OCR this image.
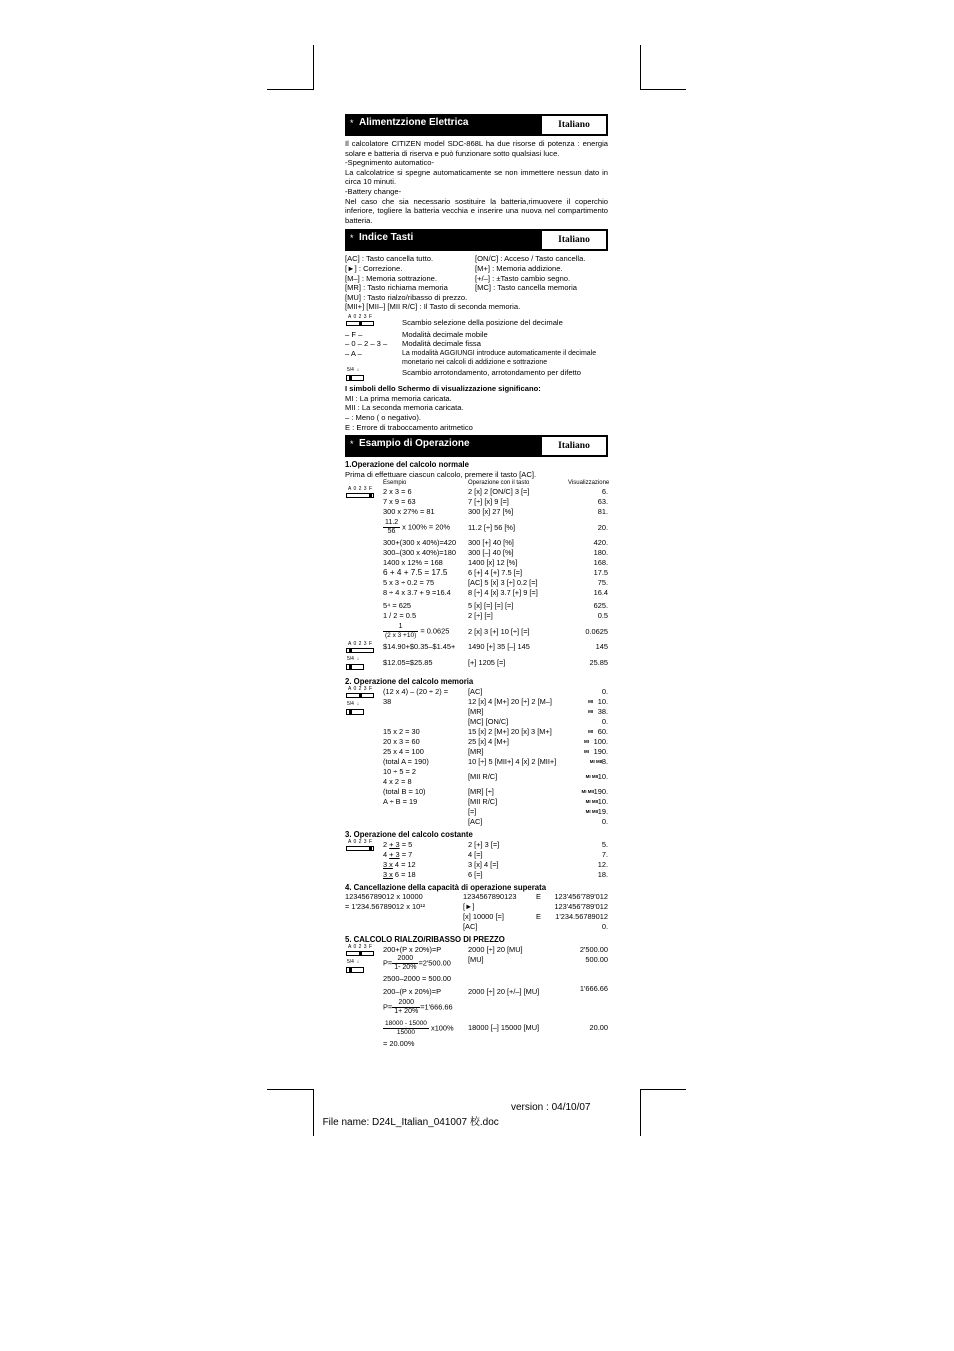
* Alimentzzione Elettrica	Italiano

Il calcolatore CITIZEN model SDC-868L ha due risorse di potenza : energia solare e batteria di riserva e può funzionare sotto qualsiasi luce.

-Spegnimento automatico-

La calcolatrice si spegne automaticamente se non immettere nessun dato in circa 10 minuti.

-Battery change-

Nel caso che sia necessario sostituire la batteria,rimuovere il coperchio inferiore, togliere la batteria vecchia e inserire una nuova nel compartimento batteria.

* Indice Tasti	Italiano
[AC] : Tasto cancella tutto.	[ON/C] : Acceso / Tasto cancella.
[►] : Correzione.	[M+] : Memoria addizione.
[M–] : Memoria sottrazione.	[+/–] : ±Tasto cambio segno.
[MR] : Tasto richiama memoria	[MC] : Tasto cancella memoria
[MU] : Tasto rialzo/ribasso di prezzo.
[MII+] [MII–] [MII R/C] : Il Tasto di seconda memoria.
A 0 2 3 F
Scambio selezione della posizione del decimale
– F –	Modalità decimale mobile
– 0 – 2 – 3 –	Modalità decimale fissa
– A –	La modalità AGGIUNGI introduce automaticamente il decimale monetario nei calcoli di addizione e sottrazione
5/4  ↓	Scambio arrotondamento, arrotondamento per difetto
I simboli dello Schermo di visualizzazione significano:
MI : La prima memoria caricata.
MII : La seconda memoria caricata.
– : Meno ( o negativo).
E : Errore di traboccamento aritmetico
* Esampio di Operazione	Italiano
1.Operazione del calcolo normale
Prima di effettuare ciascun calcolo, premere il tasto [AC].
	Esempio	Operazione con il tasto	Visualizzazione

A 0 2 3 F	2 x 3 = 6	2 [x] 2 [ON/C] 3 [=]	6.
	7 x 9 = 63	7 [÷] [x] 9 [=]	63.
	300 x 27% = 81	300 [x] 27 [%]	81.

	$\frac{11.2}{56}$ x 100% = 20%	11.2 [÷] 56 [%]	20.
	300+(300 x 40%)=420	300 [+] 40 [%]	420.
	300–(300 x 40%)=180	300 [–] 40 [%]	180.
	1400 x 12% = 168	1400 [x] 12 [%]	168.
	6 + 4 + 7.5 = 17.5	6 [+] 4 [+] 7.5 [=]	17.5
	5 x 3 ÷ 0.2 = 75	[AC] 5 [x] 3 [÷] 0.2 [=]	75.
	8 ÷ 4 x 3.7 + 9 =16.4	8 [÷] 4 [x] 3.7 [+] 9 [=]	16.4
	5⁴ = 625	5 [x] [=] [=] [=]	625.
	1 / 2 = 0.5	2 [÷] [=]	0.5

	$\frac{1}{(2 x 3 +10)} = 0.0625$	2 [x] 3 [+] 10 [÷] [=]	0.0625

A 0 2 3 F

5/4  ↓	$14.90+$0.35–$1.45+	1490 [+] 35 [–] 145	145
	$12.05=$25.85	[+] 1205 [=]	25.85
2. Operazione del calcolo memoria
A 0 2 3 F

5/4  ↓	(12 x 4) – (20 ÷ 2) =	[AC]	0.
	38	12 [x] 4 [M+] 20 [÷] 2 [M–]	MI 10.
		[MR]	MI 38.
		[MC] [ON/C]	0.
	15 x 2 = 30	15 [x] 2 [M+] 20 [x] 3 [M+]	MI 60.
	20 x 3 = 60	25 [x] 4 [M+]	MI 100.
	25 x 4 = 100	[MR]	MI 190.
	(total A = 190)	10 [÷] 5 [MII+] 4 [x] 2 [MII+]	MI MII 8.
	10 ÷ 5 = 2	[MII R/C]	MI MII 10.
	4 x 2 = 8		
	(total B = 10)	[MR] [÷]	MI MII 190.
	A ÷ B = 19	[MII R/C]	MI MII 10.
		[=]	MI MII 19.
		[AC]	0.
3. Operazione del calcolo costante
A 0 2 3 F	2 + 3 = 5	2 [+] 3 [=]	5.
	4 + 3 = 7	4 [=]	7.
	3 x 4 = 12	3 [x] 4 [=]	12.
	3 x 6 = 18	6 [=]	18.
4. Cancellazione della capacità di operazione superata
123456789012 x 10000	1234567890123	E	123'456'789'012
= 1'234.56789012 x 10¹²	[►]		123'456'789'012
	[x] 10000 [=]	E	1'234.56789012
	[AC]		0.
5. CALCOLO RIALZO/RIBASSO DI PREZZO
A 0 2 3 F

5/4  ↓	200+(P x 20%)=P	2000 [÷] 20 [MU]	2'500.00
	$P= \frac{2000}{1- 20\%} =2'500.00$	[MU]	500.00
	2500–2000 = 500.00		
	200–(P x 20%)=P	2000 [÷] 20 [+/–] [MU]	1'666.66
	$P= \frac{2000}{1+ 20\%} =1'666.66$		

	$\frac{18000 - 15000}{15000} x100\%$	18000 [–] 15000 [MU]	20.00
	= 20.00%		

File name: D24L_Italian_041007 校.doc

version : 04/10/07
